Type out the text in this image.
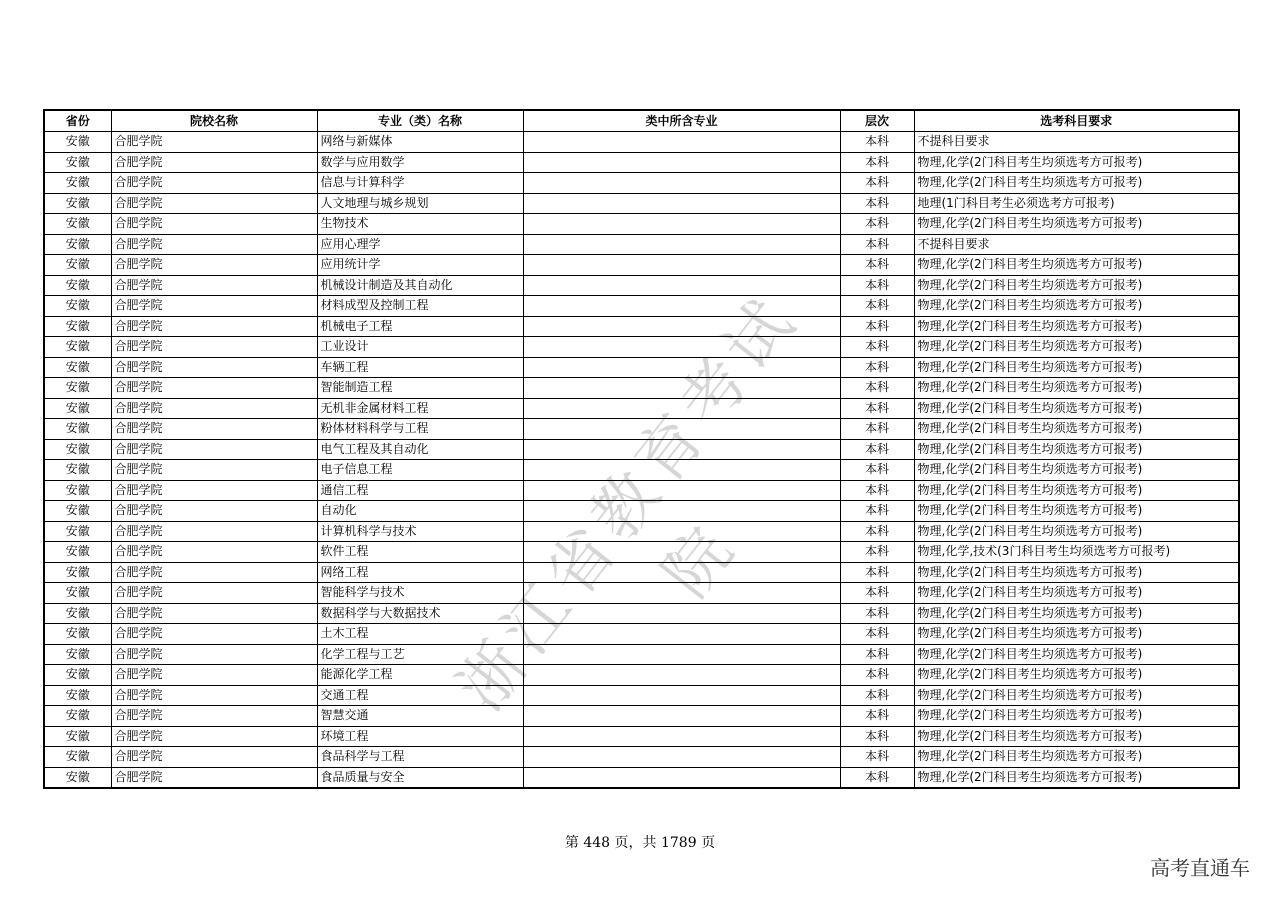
省份	院校名称	专业（类）名称	类中所含专业	层次	选考科目要求
安徽	合肥学院	网络与新媒体		本科	不提科目要求
安徽	合肥学院	数学与应用数学		本科	物理,化学(2门科目考生均须选考方可报考)
安徽	合肥学院	信息与计算科学		本科	物理,化学(2门科目考生均须选考方可报考)
安徽	合肥学院	人文地理与城乡规划		本科	地理(1门科目考生必须选考方可报考)
安徽	合肥学院	生物技术		本科	物理,化学(2门科目考生均须选考方可报考)
安徽	合肥学院	应用心理学		本科	不提科目要求
安徽	合肥学院	应用统计学		本科	物理,化学(2门科目考生均须选考方可报考)
安徽	合肥学院	机械设计制造及其自动化		本科	物理,化学(2门科目考生均须选考方可报考)
安徽	合肥学院	材料成型及控制工程		本科	物理,化学(2门科目考生均须选考方可报考)
安徽	合肥学院	机械电子工程		本科	物理,化学(2门科目考生均须选考方可报考)
安徽	合肥学院	工业设计		本科	物理,化学(2门科目考生均须选考方可报考)
安徽	合肥学院	车辆工程		本科	物理,化学(2门科目考生均须选考方可报考)
安徽	合肥学院	智能制造工程		本科	物理,化学(2门科目考生均须选考方可报考)
安徽	合肥学院	无机非金属材料工程		本科	物理,化学(2门科目考生均须选考方可报考)
安徽	合肥学院	粉体材料科学与工程		本科	物理,化学(2门科目考生均须选考方可报考)
安徽	合肥学院	电气工程及其自动化		本科	物理,化学(2门科目考生均须选考方可报考)
安徽	合肥学院	电子信息工程		本科	物理,化学(2门科目考生均须选考方可报考)
安徽	合肥学院	通信工程		本科	物理,化学(2门科目考生均须选考方可报考)
安徽	合肥学院	自动化		本科	物理,化学(2门科目考生均须选考方可报考)
安徽	合肥学院	计算机科学与技术		本科	物理,化学(2门科目考生均须选考方可报考)
安徽	合肥学院	软件工程		本科	物理,化学,技术(3门科目考生均须选考方可报考)
安徽	合肥学院	网络工程		本科	物理,化学(2门科目考生均须选考方可报考)
安徽	合肥学院	智能科学与技术		本科	物理,化学(2门科目考生均须选考方可报考)
安徽	合肥学院	数据科学与大数据技术		本科	物理,化学(2门科目考生均须选考方可报考)
安徽	合肥学院	土木工程		本科	物理,化学(2门科目考生均须选考方可报考)
安徽	合肥学院	化学工程与工艺		本科	物理,化学(2门科目考生均须选考方可报考)
安徽	合肥学院	能源化学工程		本科	物理,化学(2门科目考生均须选考方可报考)
安徽	合肥学院	交通工程		本科	物理,化学(2门科目考生均须选考方可报考)
安徽	合肥学院	智慧交通		本科	物理,化学(2门科目考生均须选考方可报考)
安徽	合肥学院	环境工程		本科	物理,化学(2门科目考生均须选考方可报考)
安徽	合肥学院	食品科学与工程		本科	物理,化学(2门科目考生均须选考方可报考)
安徽	合肥学院	食品质量与安全		本科	物理,化学(2门科目考生均须选考方可报考)
浙江省教育考试院
第 448 页，共 1789 页
高考直通车
